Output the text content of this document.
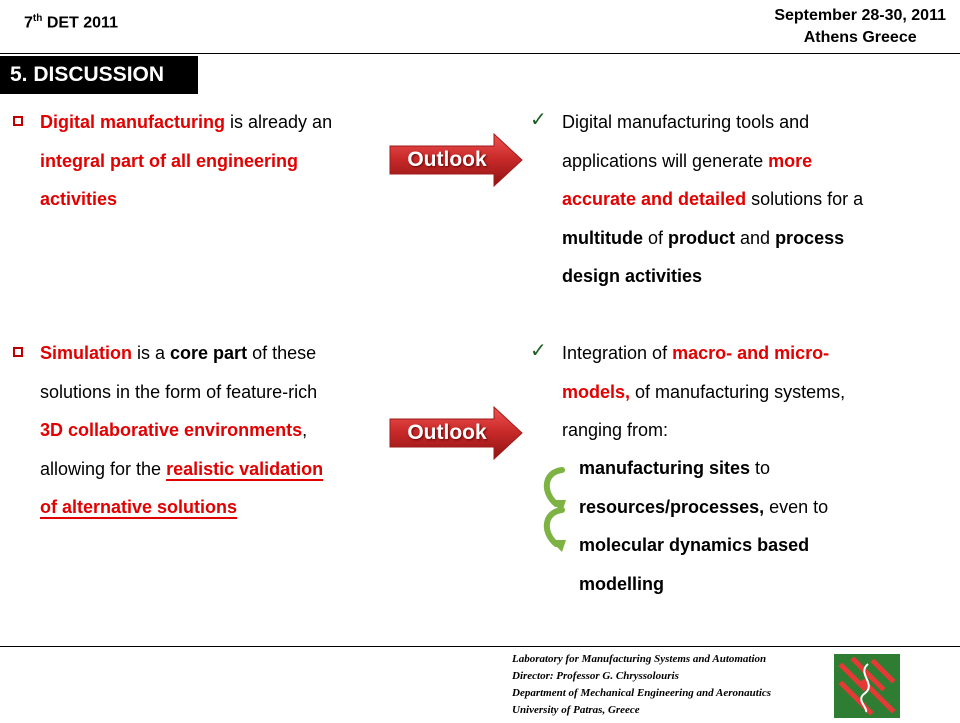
7th DET 2011	September 28-30, 2011
Athens Greece
5. DISCUSSION
Digital manufacturing is already an
integral part of all engineering
activities
Outlook
✓ Digital manufacturing tools and
applications will generate more
accurate and detailed solutions for a
multitude of product and process
design activities
Simulation is a core part of these
solutions in the form of feature-rich
3D collaborative environments,
allowing for the realistic validation
of alternative solutions
Outlook
✓ Integration of macro- and micro-
models, of manufacturing systems,
ranging from:
manufacturing sites to
resources/processes, even to
molecular dynamics based
modelling
Laboratory for Manufacturing Systems and Automation
Director: Professor G. Chryssolouris
Department of Mechanical Engineering and Aeronautics
University of Patras, Greece
